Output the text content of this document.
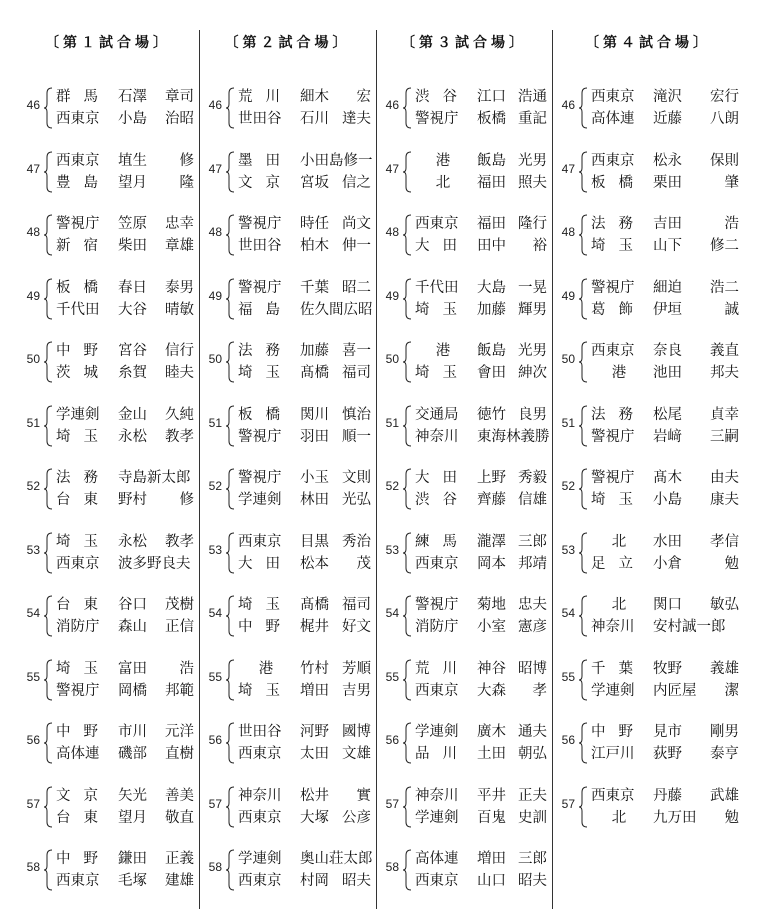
〔第１試合場〕
46 群馬 石澤 章司
西東京	小島 治昭
47 西東京	埴生 修
豊島 望月 隆
48 警視庁	笠原 忠幸
新宿 柴田 章雄
49 板橋 春日 泰男
千代田	大谷 晴敏
50 中野 宮谷 信行
茨城 糸賀 睦夫
51 学連剣	金山 久純
埼玉 永松 教孝
52 法務 寺島新太郎
台東 野村 修
53 埼玉 永松 教孝
西東京	波多野良夫
54 台東 谷口 茂樹
消防庁	森山 正信
55 埼玉 富田 浩
警視庁	岡橋 邦範
56 中野 市川 元洋
高体連	磯部 直樹
57 文京 矢光 善美
台東 望月 敬直
58 中野 鎌田 正義
西東京	毛塚 建雄
〔第２試合場〕
46 荒川 細木 宏
世田谷	石川 達夫
47 墨田 小田島修一
文京 宮坂 信之
48 警視庁	時任 尚文
世田谷	柏木 伸一
49 警視庁	千葉 昭二
福島 佐久間広昭
50 法務 加藤 喜一
埼玉 髙橋 福司
51 板橋 関川 慎治
警視庁	羽田 順一
52 警視庁	小玉 文則
学連剣	林田 光弘
53 西東京	目黒 秀治
大田 松本 茂
54 埼玉 髙橋 福司
中野 梶井 好文
55	港	竹村 芳順
埼玉 増田 吉男
56 世田谷	河野 國博
西東京	太田 文雄
57 神奈川	松井 實
西東京	大塚 公彦
58 学連剣	奥山荘太郎
西東京	村岡 昭夫
〔第３試合場〕
46 渋谷 江口 浩通
警視庁	板橋 重記
47	港	飯島 光男
北	福田 照夫
48 西東京	福田 隆行
大田 田中 裕
49 千代田	大島 一晃
埼玉 加藤 輝男
50	港	飯島 光男
埼玉 會田 紳次
51 交通局	徳竹 良男
神奈川	東海林義勝
52 大田 上野 秀毅
渋谷 齊藤 信雄
53 練馬 瀧澤 三郎
西東京	岡本 邦靖
54 警視庁	菊地 忠夫
消防庁	小室 憲彦
55 荒川 神谷 昭博
西東京	大森 孝
56 学連剣	廣木 通夫
品川 土田 朝弘
57 神奈川	平井 正夫
学連剣	百鬼 史訓
58 高体連	増田 三郎
西東京	山口 昭夫
〔第４試合場〕
46 西東京	滝沢 宏行
高体連	近藤 八朗
47 西東京	松永 保則
板橋 栗田	肇
48 法務 吉田	浩
埼玉 山下 修二
49 警視庁	細迫 浩二
葛飾 伊垣	誠
50 西東京	奈良 義直
港	池田 邦夫
51 法務 松尾 貞幸
警視庁	岩﨑 三嗣
52 警視庁	髙木 由夫
埼玉 小島 康夫
53	北	水田 孝信
足立 小倉	勉
54	北	関口 敏弘
神奈川	安村誠一郎
55 千葉 牧野 義雄
学連剣	内匠屋 潔
56 中野 見市 剛男
江戸川	荻野 泰亨
57 西東京	丹藤 武雄
北	九万田 勉
